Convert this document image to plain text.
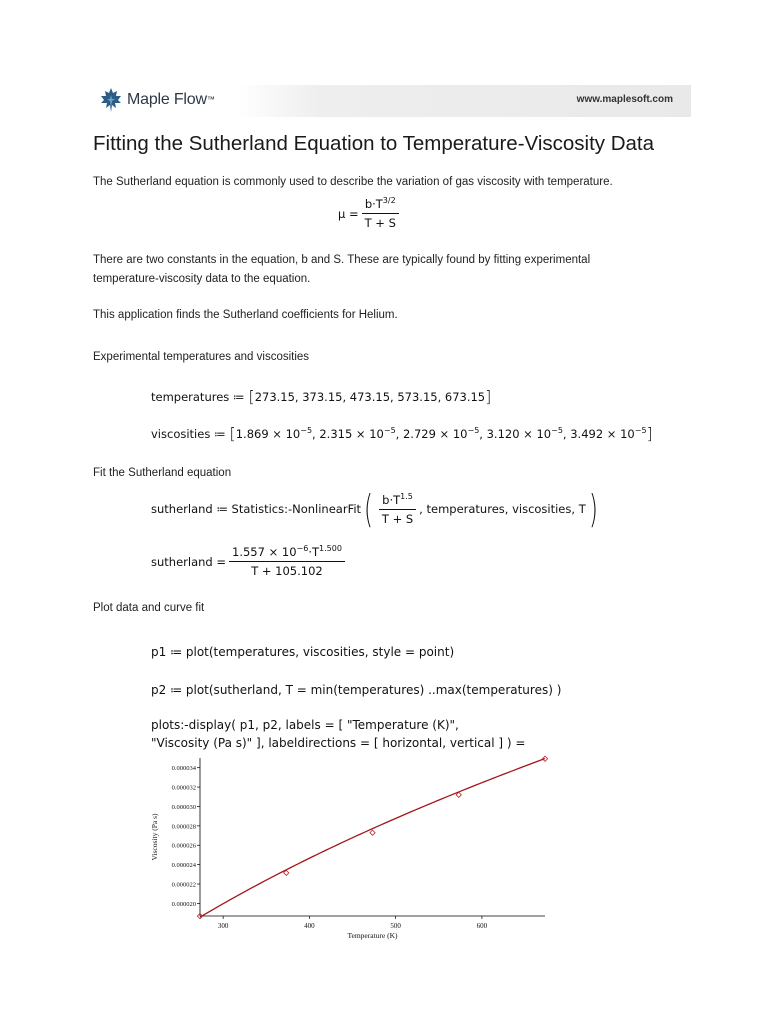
Maple Flow ™	www.maplesoft.com
Fitting the Sutherland Equation to Temperature-Viscosity Data
The Sutherland equation is commonly used to describe the variation of gas viscosity with temperature.
$\mu = \frac{b\cdot T^{3/2}}{T + S}$
There are two constants in the equation, b and S. These are typically found by fitting experimental
temperature-viscosity data to the equation.
This application finds the Sutherland coefficients for Helium.
Experimental temperatures and viscosities
temperatures ≔ [ 273.15, 373.15, 473.15, 573.15, 673.15 ]
viscosities ≔ [ $1.869 \times 10^{-5}$ , $2.315 \times 10^{-5}$ , $2.729 \times 10^{-5}$ , $3.120 \times 10^{-5}$ , $3.492 \times 10^{-5}$ ]
Fit the Sutherland equation
sutherland ≔ Statistics:-NonlinearFit ( $\frac{b\cdot T^{1.5}}{T + S}$ , temperatures, viscosities, T )
sutherland = $\frac{1.557 \times 10^{-6}\cdot T^{1.500}}{T + 105.102}$
Plot data and curve fit
p1 ≔ plot(temperatures, viscosities, style = point)
p2 ≔ plot(sutherland, T = min(temperatures) ..max(temperatures) )
plots:-display( p1, p2, labels = [ "Temperature (K)",
"Viscosity (Pa s)" ], labeldirections = [ horizontal, vertical ] ) =
0.000020
0.000022
0.000024
0.000026
0.000028
0.000030
0.000032
0.000034
300	400	500	600
Temperature (K)
Viscosity (Pa s)
